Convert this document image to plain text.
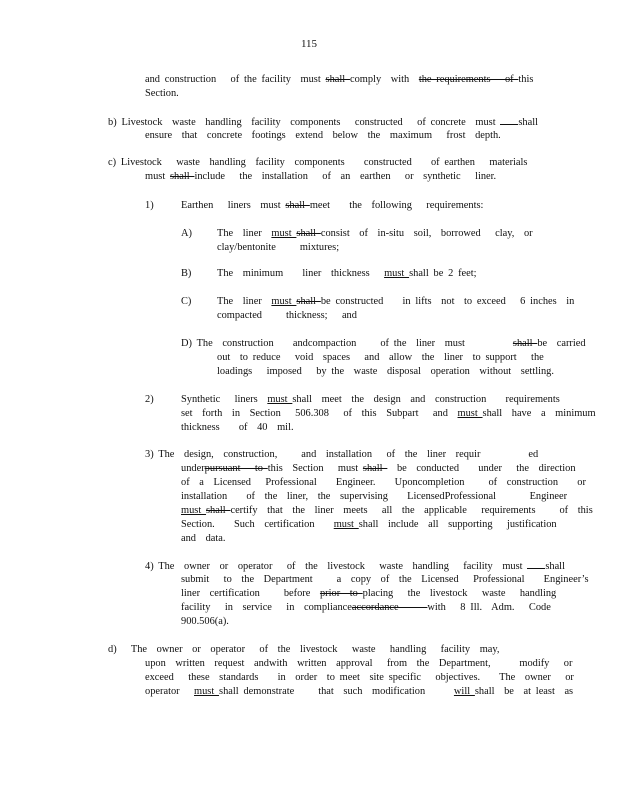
115
and construction   of the facility  must shall comply  with  the requirements   of this
Section.
b) Livestock  waste  handling  facility  components   constructed   of concrete  must shall
ensure  that  concrete  footings  extend  below  the  maximum   frost  depth.
c) Livestock   waste  handling  facility  components    constructed    of earthen   materials
must shall include   the  installation   of  an  earthen   or  synthetic   liner.
1)	Earthen   liners  must shall meet    the  following   requirements:
A) The  liner  must shall consist  of  in-situ  soil,  borrowed   clay,  or
clay/bentonite     mixtures;
B) The  minimum    liner  thickness   must shall be 2 feet;
C) The  liner  must shall be constructed    in lifts  not  to exceed   6 inches  in
compacted     thickness;   and
D) The  construction    andcompaction     of the  liner  must          shall be  carried
out  to reduce   void  spaces   and  allow  the  liner  to support   the
loadings   imposed   by the  waste  disposal  operation  without  settling.
2)	Synthetic   liners  must shall  meet  the  design  and  construction    requirements
set  forth  in  Section   506.308   of  this  Subpart   and  must shall  have  a  minimum
thickness    of  40  mil.
3) The  design,  construction,     and  installation   of  the  liner  requir          ed
underpursuant   to this  Section   must shall   be  conducted    under   the  direction
of  a  Licensed   Professional    Engineer.    Uponcompletion     of  construction    or
installation    of  the  liner,  the  supervising    LicensedProfessional       Engineer
must shall certify  that  the  liner  meets   all  the  applicable   requirements     of  this
Section.    Such  certification    must shall  include  all  supporting   justification
and  data.
4) The  owner  or  operator   of  the  livestock   waste  handling   facility  must shall
submit   to  the  Department     a  copy  of  the  Licensed   Professional    Engineer’s
liner  certification     before  prior  to placing   the  livestock   waste   handling
facility   in  service   in  complianceaccordance      with   8 Ill.  Adm.   Code
900.506(a).
d)   The  owner  or  operator   of  the  livestock   waste   handling   facility  may,
upon  written  request  andwith  written  approval   from  the  Department,      modify   or
exceed   these  standards    in  order  to meet  site specific   objectives.    The  owner   or
operator   must shall demonstrate     that  such  modification      will shall  be  at least  as
